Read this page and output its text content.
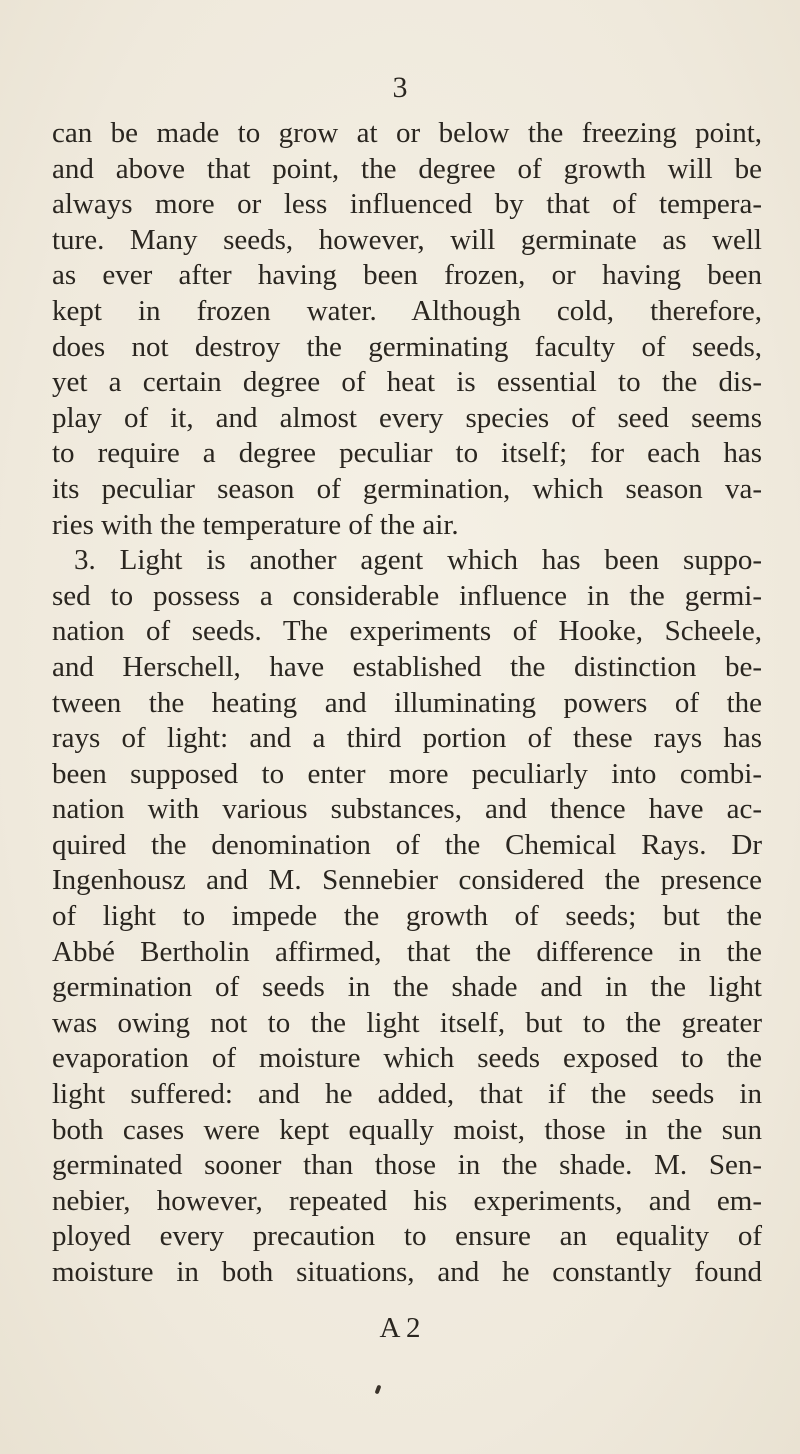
3
can be made to grow at or below the freezing point,
and above that point, the degree of growth will be
always more or less influenced by that of tempera-
ture. Many seeds, however, will germinate as well
as ever after having been frozen, or having been
kept in frozen water. Although cold, therefore,
does not destroy the germinating faculty of seeds,
yet a certain degree of heat is essential to the dis-
play of it, and almost every species of seed seems
to require a degree peculiar to itself; for each has
its peculiar season of germination, which season va-
ries with the temperature of the air.
3. Light is another agent which has been suppo-
sed to possess a considerable influence in the germi-
nation of seeds. The experiments of Hooke, Scheele,
and Herschell, have established the distinction be-
tween the heating and illuminating powers of the
rays of light: and a third portion of these rays has
been supposed to enter more peculiarly into combi-
nation with various substances, and thence have ac-
quired the denomination of the Chemical Rays. Dr
Ingenhousz and M. Sennebier considered the presence
of light to impede the growth of seeds; but the
Abbé Bertholin affirmed, that the difference in the
germination of seeds in the shade and in the light
was owing not to the light itself, but to the greater
evaporation of moisture which seeds exposed to the
light suffered: and he added, that if the seeds in
both cases were kept equally moist, those in the sun
germinated sooner than those in the shade. M. Sen-
nebier, however, repeated his experiments, and em-
ployed every precaution to ensure an equality of
moisture in both situations, and he constantly found
A 2
